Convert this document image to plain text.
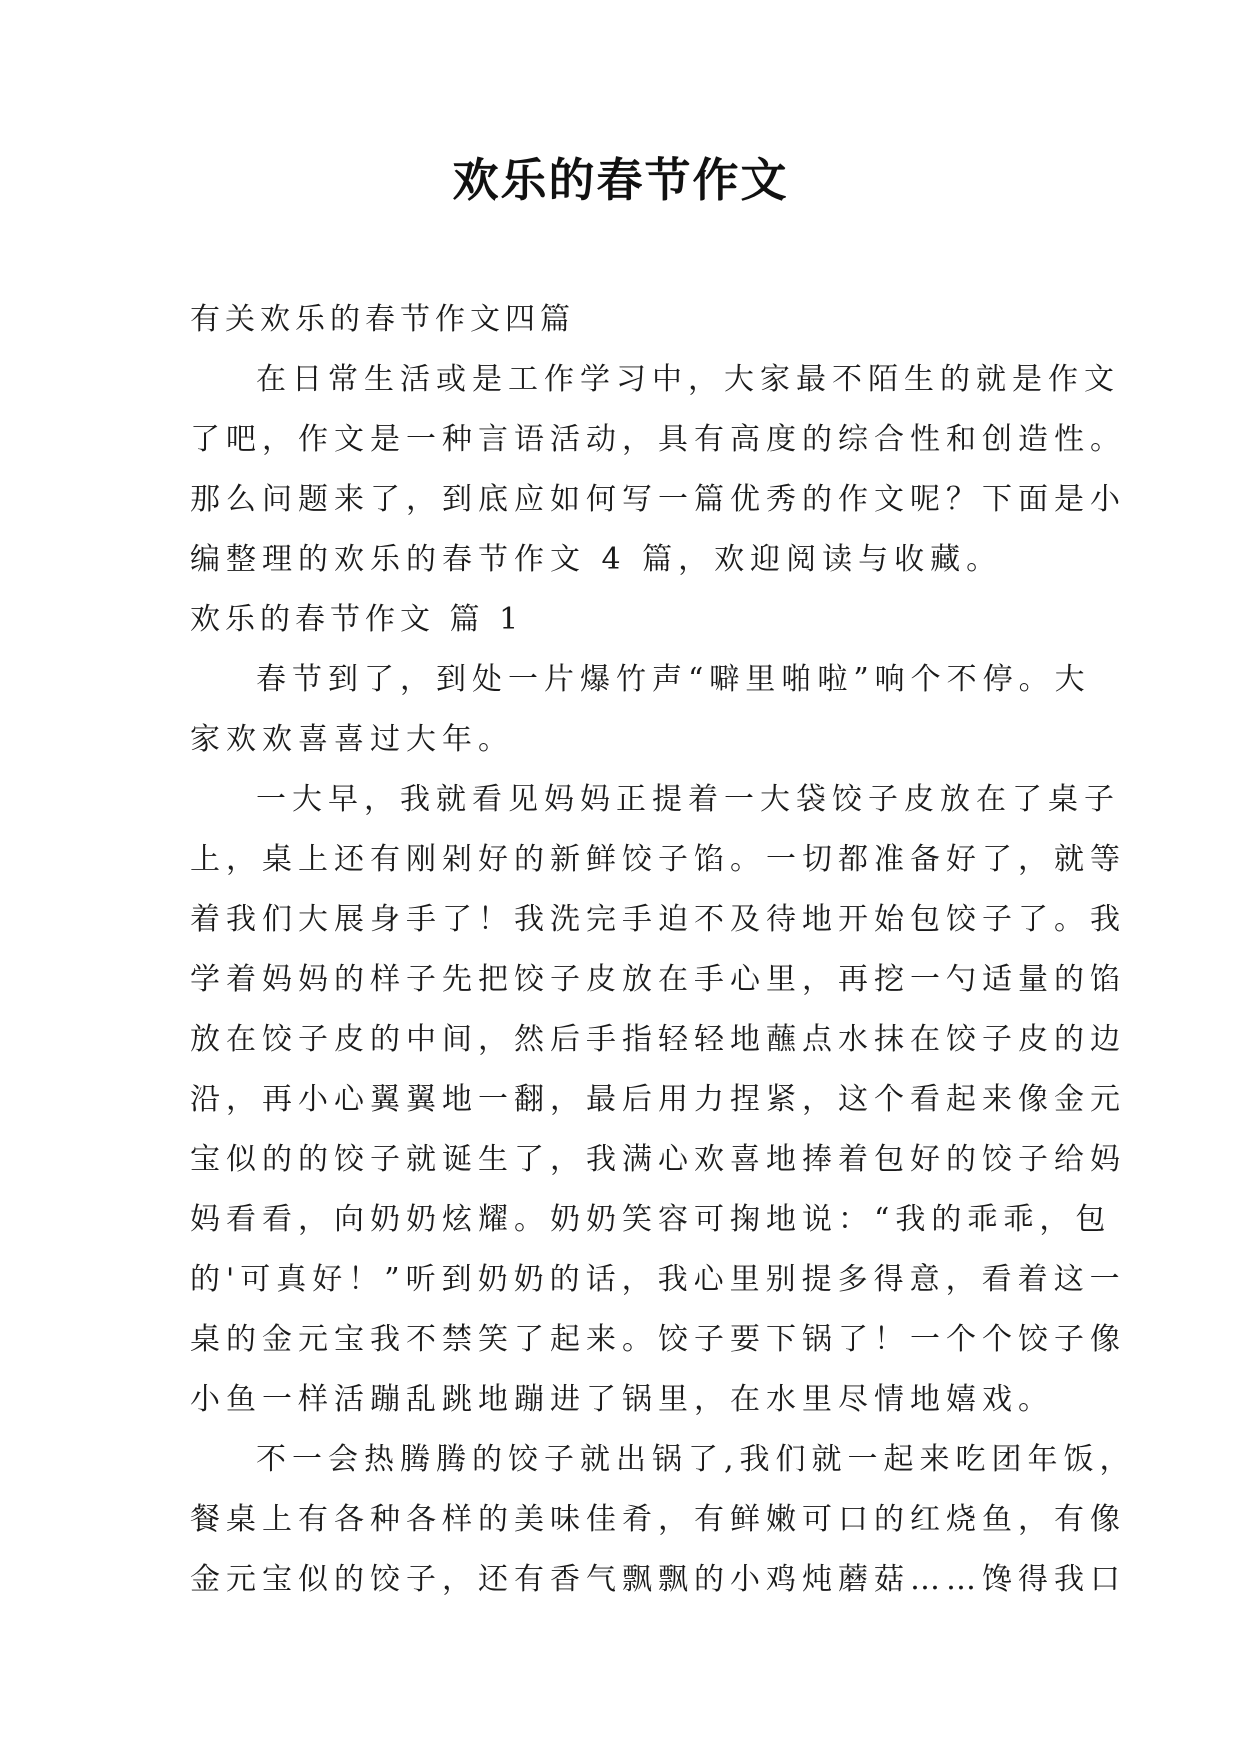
欢乐的春节作文
有关欢乐的春节作文四篇
在日常生活或是工作学习中，大家最不陌生的就是作文
了吧，作文是一种言语活动，具有高度的综合性和创造性。
那么问题来了，到底应如何写一篇优秀的作文呢？下面是小
编整理的欢乐的春节作文 4 篇，欢迎阅读与收藏。
欢乐的春节作文 篇 1
春节到了，到处一片爆竹声“噼里啪啦”响个不停。大
家欢欢喜喜过大年。
一大早，我就看见妈妈正提着一大袋饺子皮放在了桌子
上，桌上还有刚剁好的新鲜饺子馅。一切都准备好了，就等
着我们大展身手了！我洗完手迫不及待地开始包饺子了。我
学着妈妈的样子先把饺子皮放在手心里，再挖一勺适量的馅
放在饺子皮的中间，然后手指轻轻地蘸点水抹在饺子皮的边
沿，再小心翼翼地一翻，最后用力捏紧，这个看起来像金元
宝似的的饺子就诞生了，我满心欢喜地捧着包好的饺子给妈
妈看看，向奶奶炫耀。奶奶笑容可掬地说：“我的乖乖，包
的'可真好！”听到奶奶的话，我心里别提多得意，看着这一
桌的金元宝我不禁笑了起来。饺子要下锅了！一个个饺子像
小鱼一样活蹦乱跳地蹦进了锅里，在水里尽情地嬉戏。
不一会热腾腾的饺子就出锅了,我们就一起来吃团年饭，
餐桌上有各种各样的美味佳肴，有鲜嫩可口的红烧鱼，有像
金元宝似的饺子，还有香气飘飘的小鸡炖蘑菇……馋得我口
